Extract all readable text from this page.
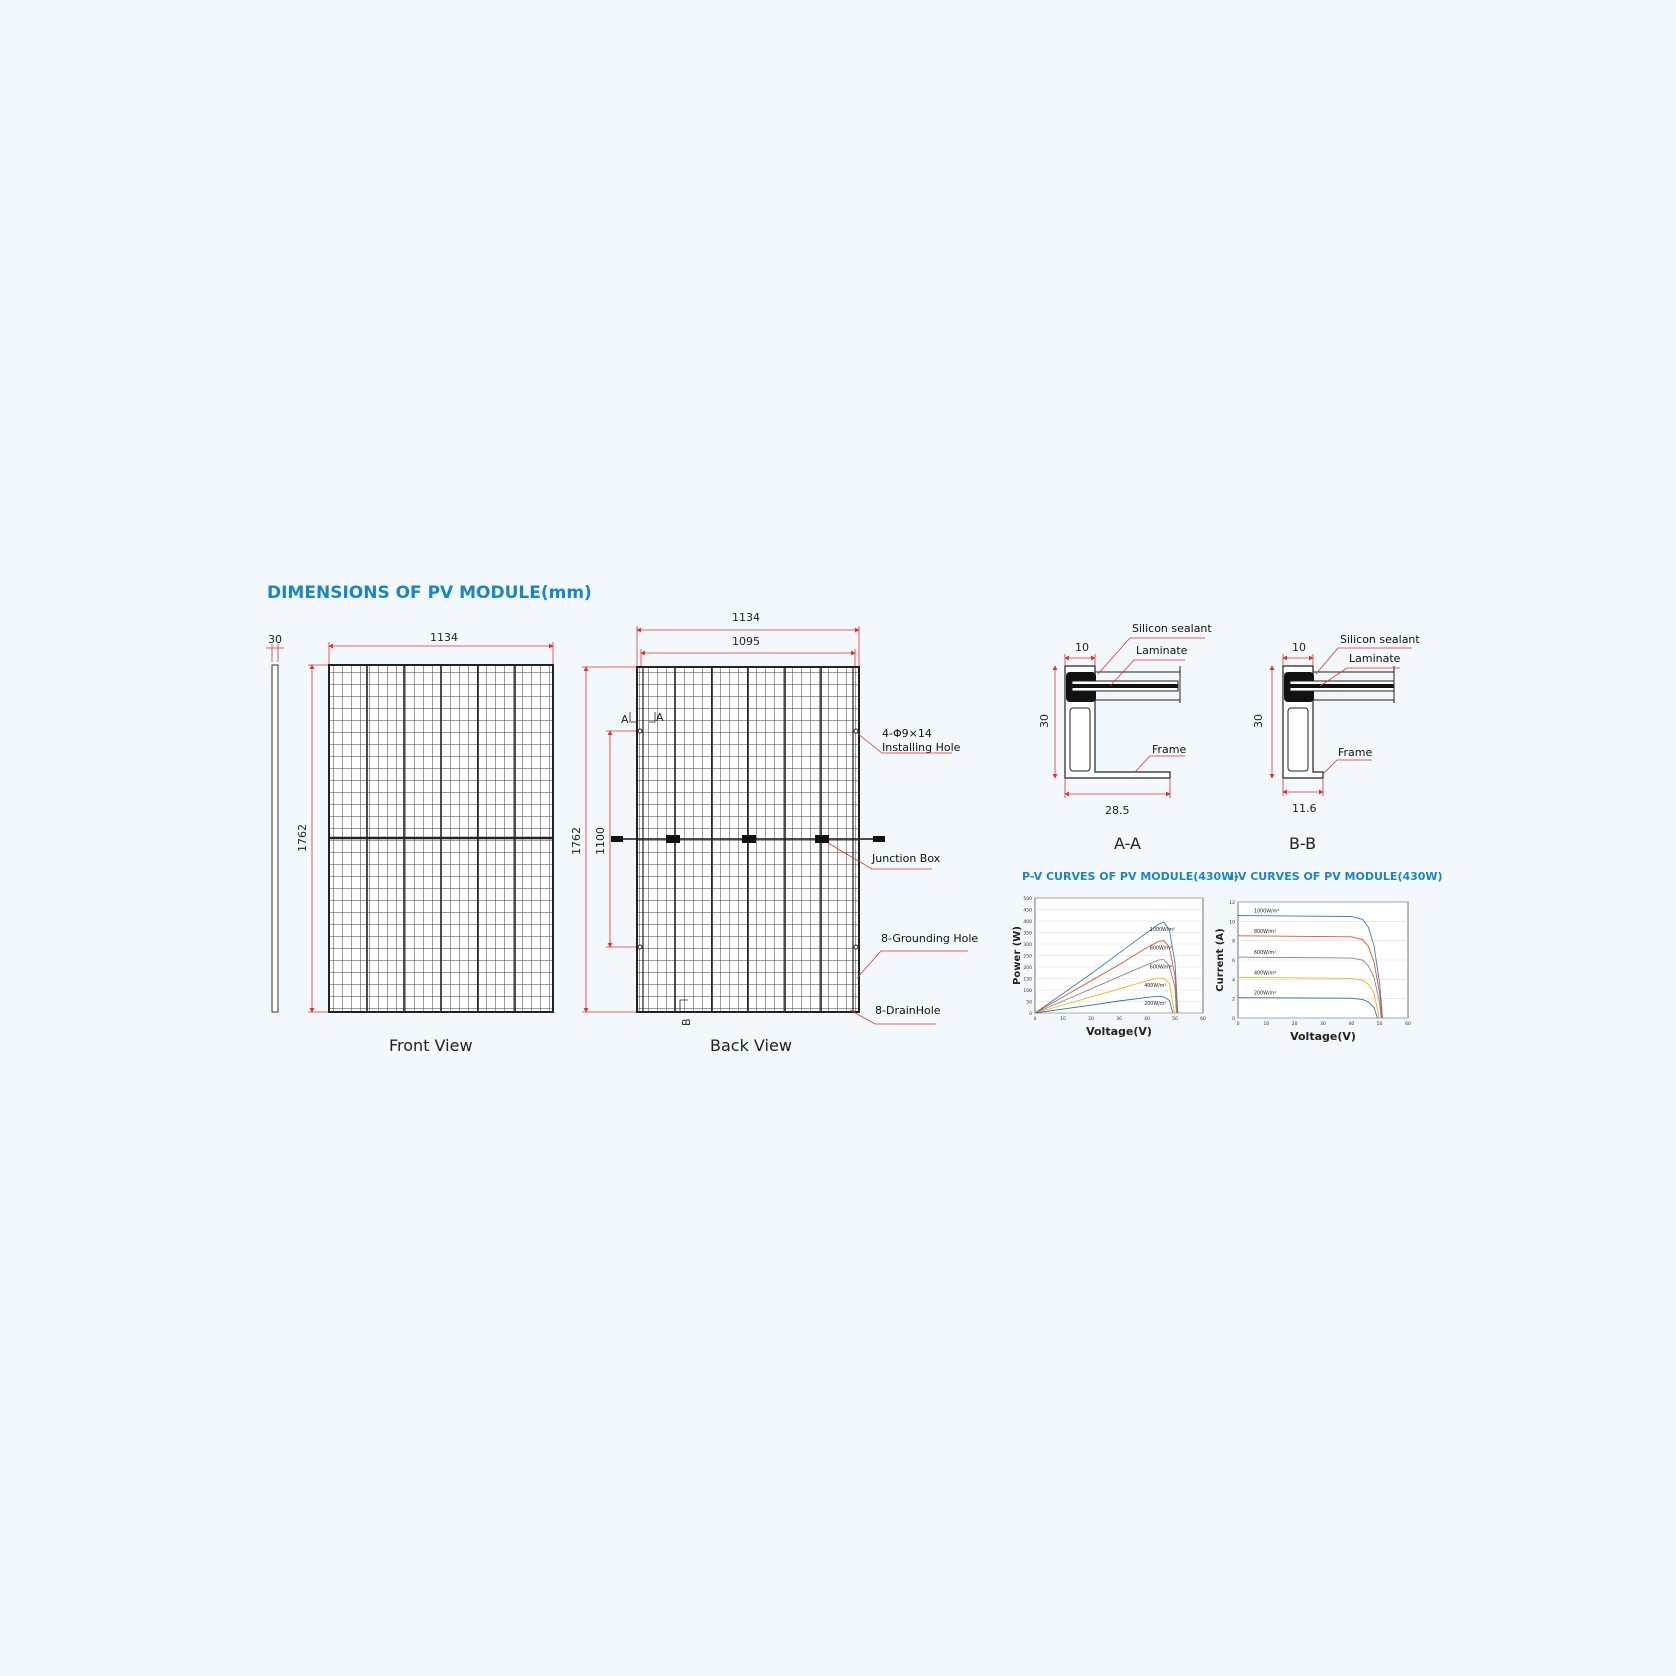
DIMENSIONS OF PV MODULE(mm)
30	1134
1762
Front View
1134
1095
1762 1100
A A
B
4-Φ9×14
Installing Hole
Junction Box
8-Grounding Hole
8-DrainHole
Back View
10
30
28.5
Silicon sealant
Laminate
Frame
A-A
10
30
11.6
Silicon sealant
Laminate
Frame
B-B
P-V CURVES OF PV MODULE(430W)
0
50
100
150
200
250
300
350
400
450
500
0	10	20	30	40	50	60
1000W/m²
800W/m²
600W/m²
400W/m²
200W/m²
Voltage(V)
Power (W)
I-V CURVES OF PV MODULE(430W)
0
2
4
6
8
10
12
0	10	20	30	40	50	60
1000W/m²
800W/m²
600W/m²
400W/m²
200W/m²
Voltage(V)
Current (A)
